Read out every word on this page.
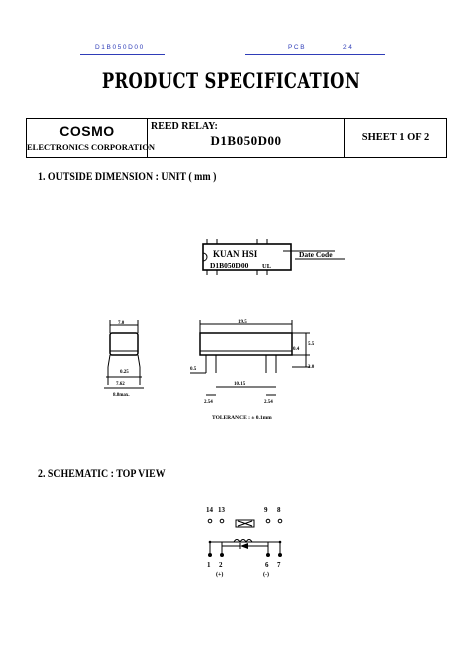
D1B050D00	PCB	24
PRODUCT SPECIFICATION
COSMO
ELECTRONICS CORPORATION

REED RELAY:
D1B050D00	SHEET 1 OF 2
1. OUTSIDE DIMENSION : UNIT ( mm )
KUAN HSI
D1B050D00 UL
Date Code
7.0
0.25
7.62
8.8max.
19.5
0.4
5.5
3.0
0.5
10.15
2.54	2.54
TOLERANCE : ± 0.1mm
2. SCHEMATIC : TOP VIEW
14 13	9 8
1 2	6 7
(+)	(-)
